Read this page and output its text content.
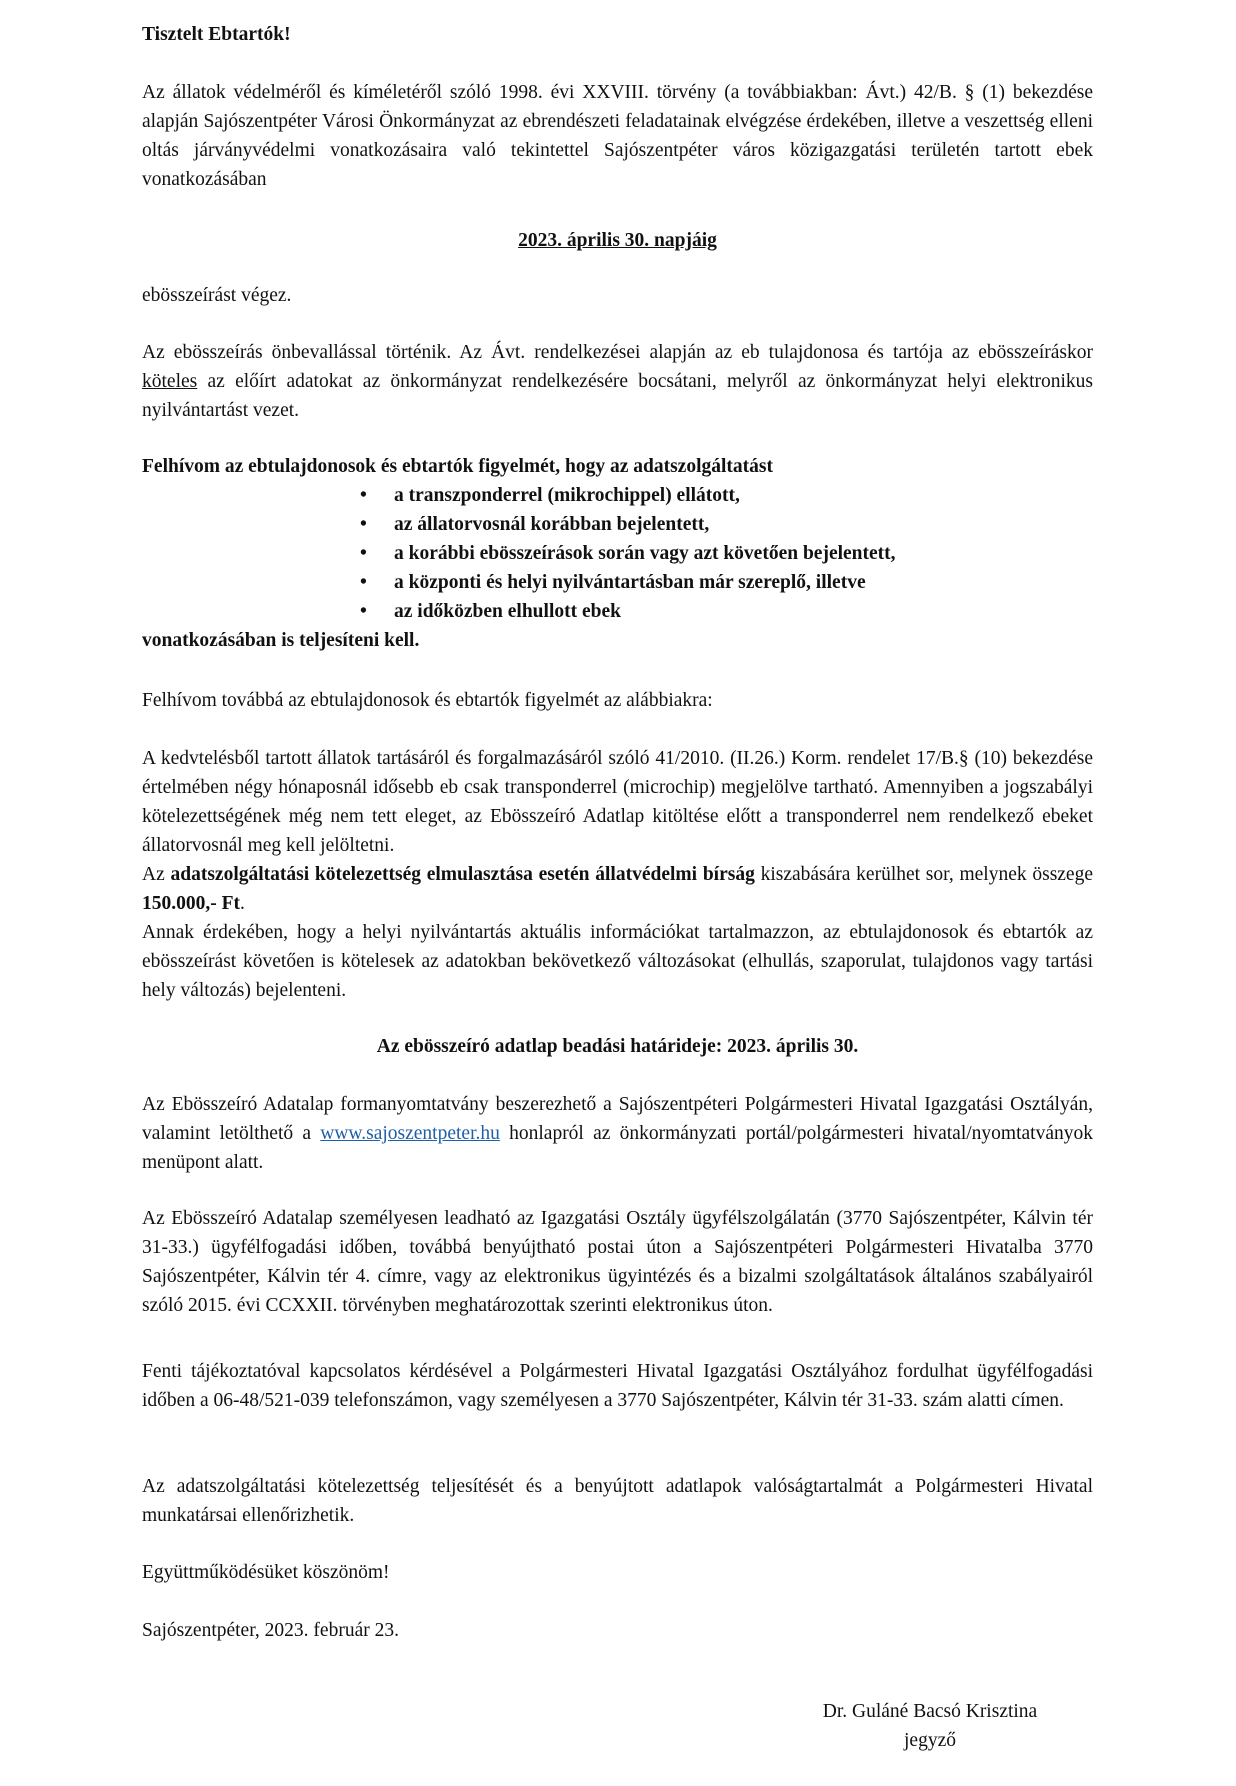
Tisztelt Ebtartók!

Az állatok védelméről és kíméletéről szóló 1998. évi XXVIII. törvény (a továbbiakban: Ávt.) 42/B. § (1) bekezdése alapján Sajószentpéter Városi Önkormányzat az ebrendészeti feladatainak elvégzése érdekében, illetve a veszettség elleni oltás járványvédelmi vonatkozásaira való tekintettel Sajószentpéter város közigazgatási területén tartott ebek vonatkozásában

2023. április 30. napjáig

ebösszeírást végez.

Az ebösszeírás önbevallással történik. Az Ávt. rendelkezései alapján az eb tulajdonosa és tartója az ebösszeíráskor köteles az előírt adatokat az önkormányzat rendelkezésére bocsátani, melyről az önkormányzat helyi elektronikus nyilvántartást vezet.

Felhívom az ebtulajdonosok és ebtartók figyelmét, hogy az adatszolgáltatást

• a transzponderrel (mikrochippel) ellátott,
• az állatorvosnál korábban bejelentett,
• a korábbi ebösszeírások során vagy azt követően bejelentett,
• a központi és helyi nyilvántartásban már szereplő, illetve
• az időközben elhullott ebek

vonatkozásában is teljesíteni kell.

Felhívom továbbá az ebtulajdonosok és ebtartók figyelmét az alábbiakra:

A kedvtelésből tartott állatok tartásáról és forgalmazásáról szóló 41/2010. (II.26.) Korm. rendelet 17/B.§ (10) bekezdése értelmében négy hónaposnál idősebb eb csak transponderrel (microchip) megjelölve tartható. Amennyiben a jogszabályi kötelezettségének még nem tett eleget, az Ebösszeíró Adatlap kitöltése előtt a transponderrel nem rendelkező ebeket állatorvosnál meg kell jelöltetni.

Az adatszolgáltatási kötelezettség elmulasztása esetén állatvédelmi bírság kiszabására kerülhet sor, melynek összege 150.000,- Ft.

Annak érdekében, hogy a helyi nyilvántartás aktuális információkat tartalmazzon, az ebtulajdonosok és ebtartók az ebösszeírást követően is kötelesek az adatokban bekövetkező változásokat (elhullás, szaporulat, tulajdonos vagy tartási hely változás) bejelenteni.

Az ebösszeíró adatlap beadási határideje: 2023. április 30.

Az Ebösszeíró Adatalap formanyomtatvány beszerezhető a Sajószentpéteri Polgármesteri Hivatal Igazgatási Osztályán, valamint letölthető a www.sajoszentpeter.hu honlapról az önkormányzati portál/polgármesteri hivatal/nyomtatványok menüpont alatt.

Az Ebösszeíró Adatalap személyesen leadható az Igazgatási Osztály ügyfélszolgálatán (3770 Sajószentpéter, Kálvin tér 31-33.) ügyfélfogadási időben, továbbá benyújtható postai úton a Sajószentpéteri Polgármesteri Hivatalba 3770 Sajószentpéter, Kálvin tér 4. címre, vagy az elektronikus ügyintézés és a bizalmi szolgáltatások általános szabályairól szóló 2015. évi CCXXII. törvényben meghatározottak szerinti elektronikus úton.

Fenti tájékoztatóval kapcsolatos kérdésével a Polgármesteri Hivatal Igazgatási Osztályához fordulhat ügyfélfogadási időben a 06-48/521-039 telefonszámon, vagy személyesen a 3770 Sajószentpéter, Kálvin tér 31-33. szám alatti címen.

Az adatszolgáltatási kötelezettség teljesítését és a benyújtott adatlapok valóságtartalmát a Polgármesteri Hivatal munkatársai ellenőrizhetik.

Együttműködésüket köszönöm!

Sajószentpéter, 2023. február 23.

Dr. Guláné Bacsó Krisztina

jegyző
